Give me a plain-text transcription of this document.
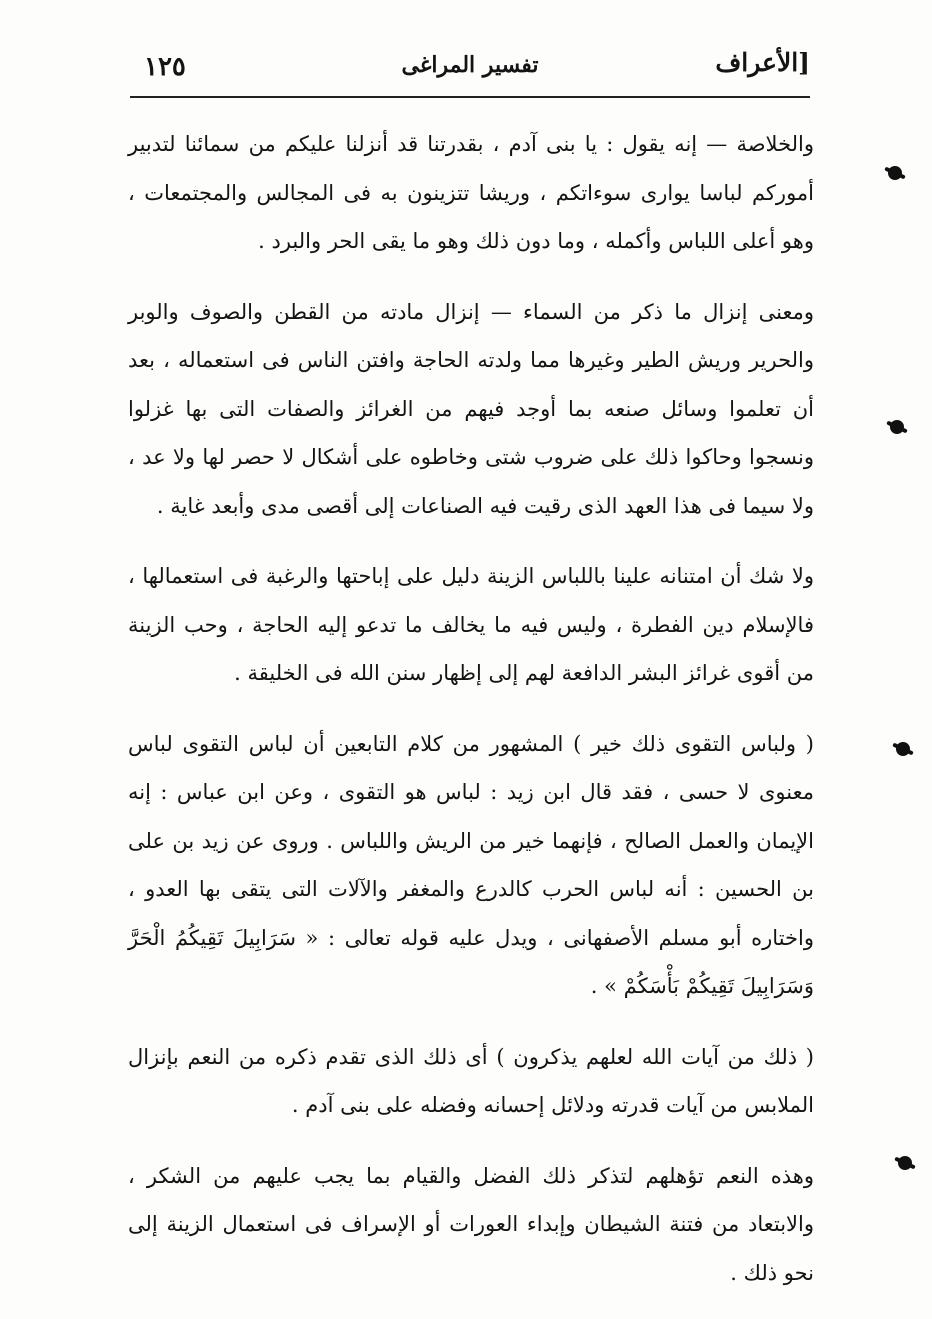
الأعراف]
تفسير المراغى
١٢٥

والخلاصة — إنه يقول : يا بنى آدم ، بقدرتنا قد أنزلنا عليكم من سمائنا لتدبير أموركم لباسا يوارى سوءاتكم ، وريشا تتزينون به فى المجالس والمجتمعات ، وهو أعلى اللباس وأكمله ، وما دون ذلك وهو ما يقى الحر والبرد .

ومعنى إنزال ما ذكر من السماء — إنزال مادته من القطن والصوف والوبر والحرير وريش الطير وغيرها مما ولدته الحاجة وافتن الناس فى استعماله ، بعد أن تعلموا وسائل صنعه بما أوجد فيهم من الغرائز والصفات التى بها غزلوا ونسجوا وحاكوا ذلك على ضروب شتى وخاطوه على أشكال لا حصر لها ولا عد ، ولا سيما فى هذا العهد الذى رقيت فيه الصناعات إلى أقصى مدى وأبعد غاية .

ولا شك أن امتنانه علينا باللباس الزينة دليل على إباحتها والرغبة فى استعمالها ، فالإسلام دين الفطرة ، وليس فيه ما يخالف ما تدعو إليه الحاجة ، وحب الزينة من أقوى غرائز البشر الدافعة لهم إلى إظهار سنن الله فى الخليقة .

( ولباس التقوى ذلك خير ) المشهور من كلام التابعين أن لباس التقوى لباس معنوى لا حسى ، فقد قال ابن زيد : لباس هو التقوى ، وعن ابن عباس : إنه الإيمان والعمل الصالح ، فإنهما خير من الريش واللباس . وروى عن زيد بن على بن الحسين : أنه لباس الحرب كالدرع والمغفر والآلات التى يتقى بها العدو ، واختاره أبو مسلم الأصفهانى ، ويدل عليه قوله تعالى : « سَرَابِيلَ تَقِيكُمُ الْحَرَّ وَسَرَابِيلَ تَقِيكُمْ بَأْسَكُمْ » .

( ذلك من آيات الله لعلهم يذكرون ) أى ذلك الذى تقدم ذكره من النعم بإنزال الملابس من آيات قدرته ودلائل إحسانه وفضله على بنى آدم .

وهذه النعم تؤهلهم لتذكر ذلك الفضل والقيام بما يجب عليهم من الشكر ، والابتعاد من فتنة الشيطان وإبداء العورات أو الإسراف فى استعمال الزينة إلى نحو ذلك .
